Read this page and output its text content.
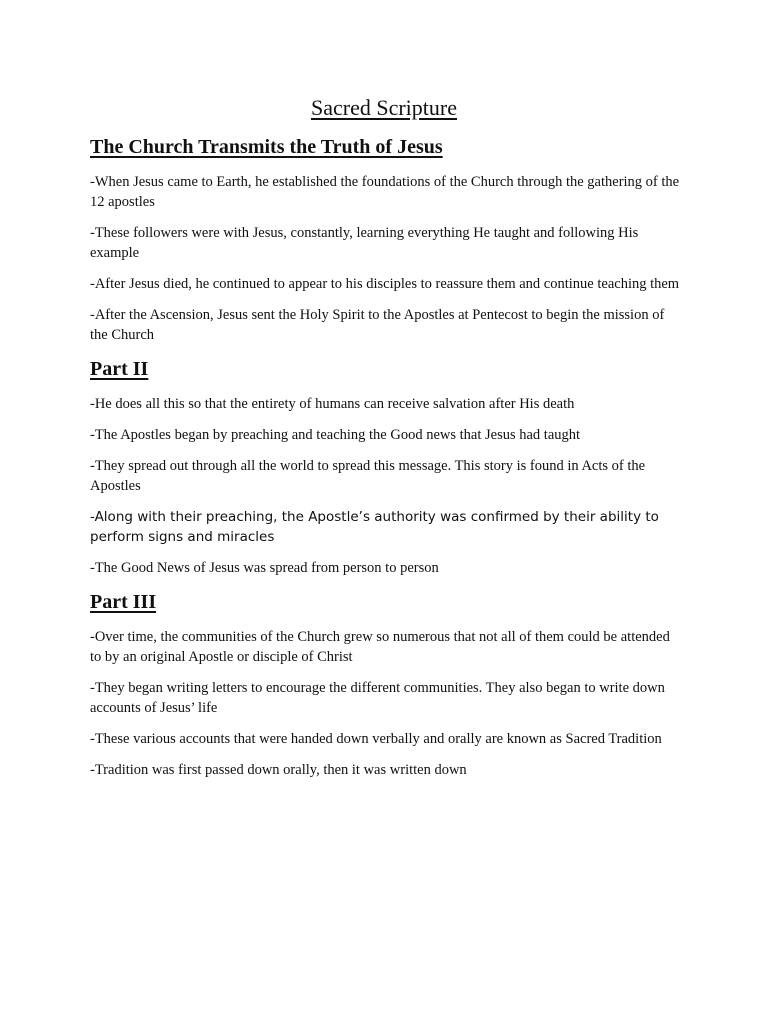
Sacred Scripture
The Church Transmits the Truth of Jesus

-When Jesus came to Earth, he established the foundations of the Church through the gathering of the 12 apostles

-These followers were with Jesus, constantly, learning everything He taught and following His example

-After Jesus died, he continued to appear to his disciples to reassure them and continue teaching them

-After the Ascension, Jesus sent the Holy Spirit to the Apostles at Pentecost to begin the mission of the Church

Part II

-He does all this so that the entirety of humans can receive salvation after His death

-The Apostles began by preaching and teaching the Good news that Jesus had taught

-They spread out through all the world to spread this message. This story is found in Acts of the Apostles

-Along with their preaching, the Apostle’s authority was confirmed by their ability to perform signs and miracles

-The Good News of Jesus was spread from person to person

Part III

-Over time, the communities of the Church grew so numerous that not all of them could be attended to by an original Apostle or disciple of Christ

-They began writing letters to encourage the different communities. They also began to write down accounts of Jesus’ life

-These various accounts that were handed down verbally and orally are known as Sacred Tradition

-Tradition was first passed down orally, then it was written down
